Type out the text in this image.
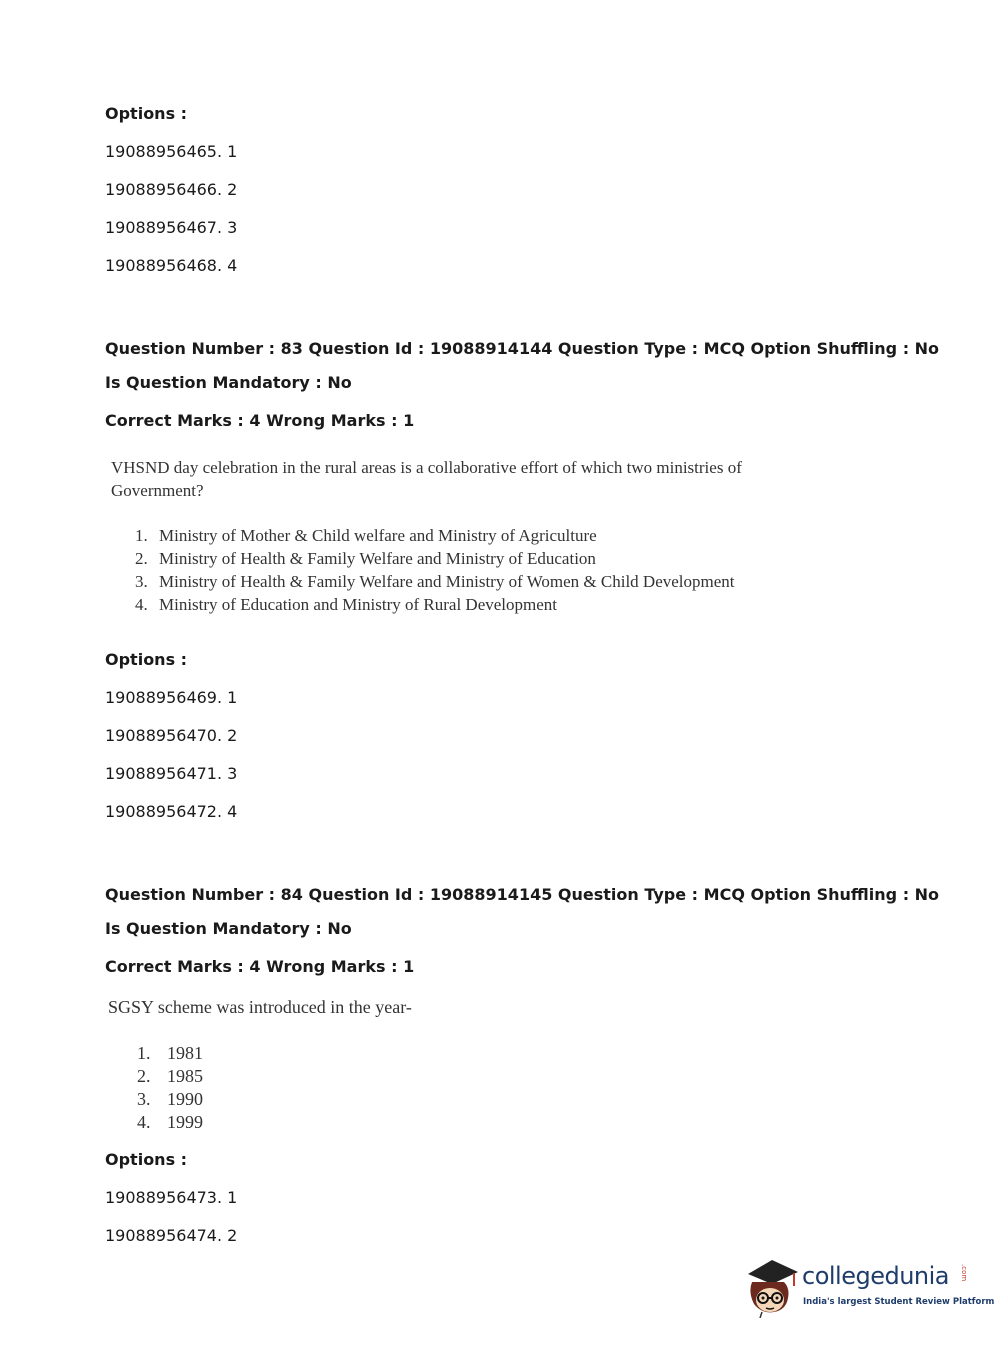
Options :
19088956465. 1
19088956466. 2
19088956467. 3
19088956468. 4
Question Number : 83 Question Id : 19088914144 Question Type : MCQ Option Shuffling : No
Is Question Mandatory : No
Correct Marks : 4 Wrong Marks : 1
VHSND day celebration in the rural areas is a collaborative effort of which two ministries of Government?
1. Ministry of Mother & Child welfare and Ministry of Agriculture
2. Ministry of Health & Family Welfare and Ministry of Education
3. Ministry of Health & Family Welfare and Ministry of Women & Child Development
4. Ministry of Education and Ministry of Rural Development
Options :
19088956469. 1
19088956470. 2
19088956471. 3
19088956472. 4
Question Number : 84 Question Id : 19088914145 Question Type : MCQ Option Shuffling : No
Is Question Mandatory : No
Correct Marks : 4 Wrong Marks : 1
SGSY scheme was introduced in the year-
1. 1981
2. 1985
3. 1990
4. 1999
Options :
19088956473. 1
19088956474. 2
collegedunia .com
India's largest Student Review Platform
